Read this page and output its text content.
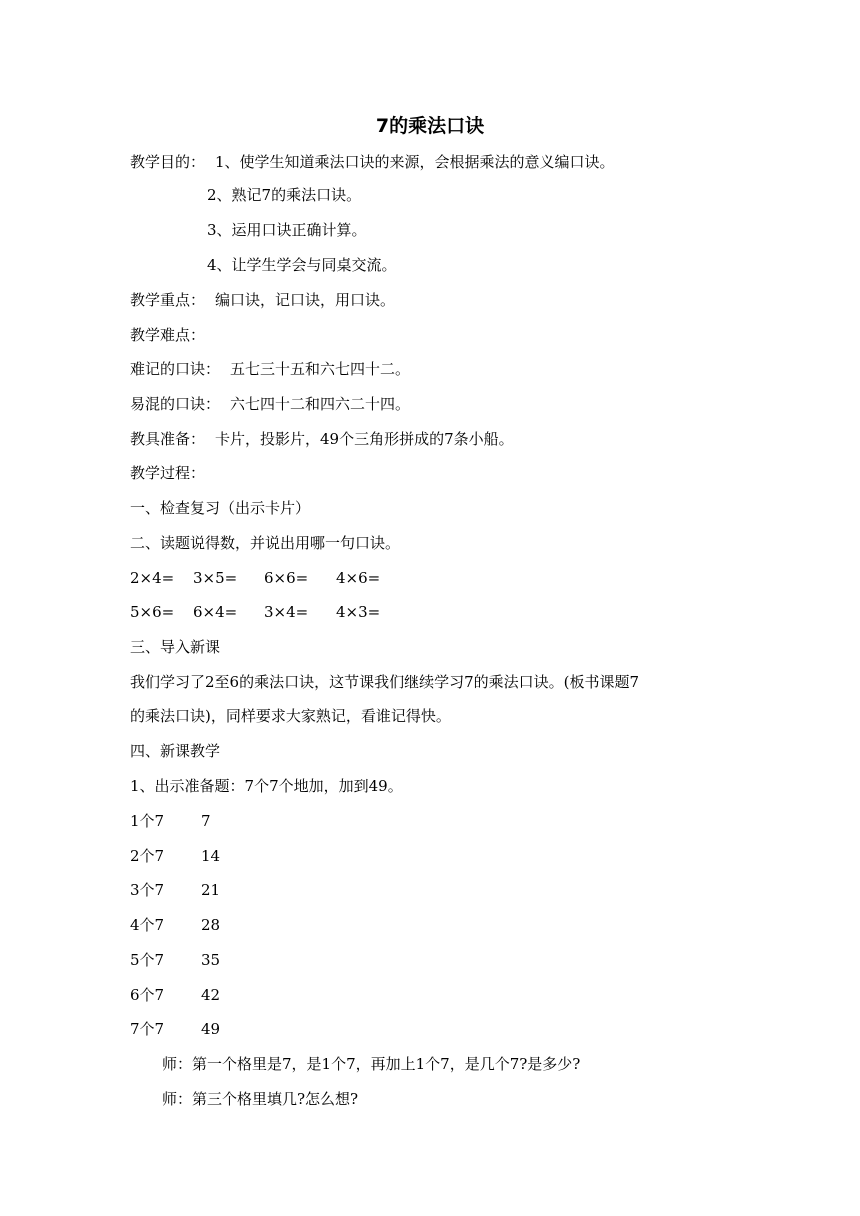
7的乘法口诀

教学目的： 1、使学生知道乘法口诀的来源，会根据乘法的意义编口诀。

2、熟记7的乘法口诀。

3、运用口诀正确计算。

4、让学生学会与同桌交流。

教学重点： 编口诀，记口诀，用口诀。

教学难点：

难记的口诀： 五七三十五和六七四十二。

易混的口诀： 六七四十二和四六二十四。

教具准备： 卡片，投影片，49个三角形拼成的7条小船。

教学过程：

一、检查复习（出示卡片）

二、读题说得数，并说出用哪一句口诀。

2×4= 3×5= 6×6= 4×6=

5×6= 6×4= 3×4= 4×3=

三、导入新课

我们学习了2至6的乘法口诀，这节课我们继续学习7的乘法口诀。(板书课题7

的乘法口诀)，同样要求大家熟记，看谁记得快。

四、新课教学

1、出示准备题：7个7个地加，加到49。

1个7 7

2个7 14

3个7 21

4个7 28

5个7 35

6个7 42

7个7 49

师：第一个格里是7，是1个7，再加上1个7，是几个7?是多少?

师：第三个格里填几?怎么想?
